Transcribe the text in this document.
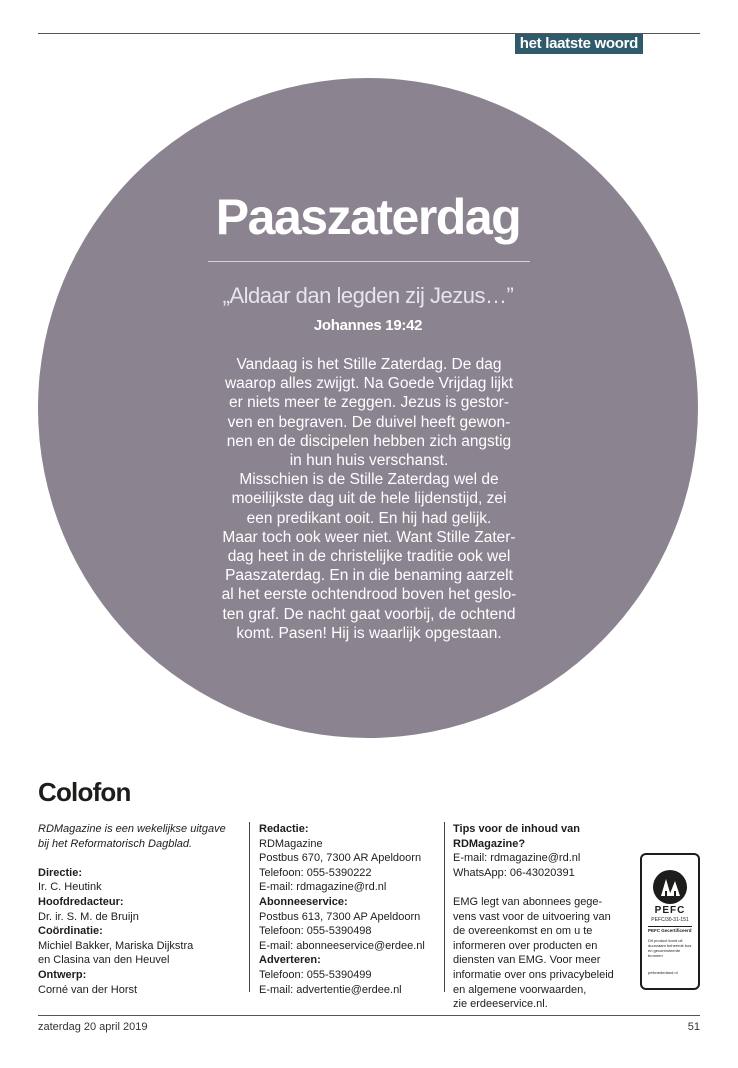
het laatste woord
Paaszaterdag
„Aldaar dan legden zij Jezus…”
Johannes 19:42

Vandaag is het Stille Zaterdag. De dag

waarop alles zwijgt. Na Goede Vrijdag lijkt

er niets meer te zeggen. Jezus is gestor-

ven en begraven. De duivel heeft gewon-

nen en de discipelen hebben zich angstig

in hun huis verschanst.

Misschien is de Stille Zaterdag wel de

moeilijkste dag uit de hele lijdenstijd, zei

een predikant ooit. En hij had gelijk.

Maar toch ook weer niet. Want Stille Zater-

dag heet in de christelijke traditie ook wel

Paaszaterdag. En in die benaming aarzelt

al het eerste ochtendrood boven het geslo-

ten graf. De nacht gaat voorbij, de ochtend

komt. Pasen! Hij is waarlijk opgestaan.

Colofon
RDMagazine is een wekelijkse uitgave
bij het Reformatorisch Dagblad.
Directie:
Ir. C. Heutink
Hoofdredacteur:
Dr. ir. S. M. de Bruijn
Coördinatie:
Michiel Bakker, Mariska Dijkstra
en Clasina van den Heuvel
Ontwerp:
Corné van der Horst
Redactie:
RDMagazine
Postbus 670, 7300 AR Apeldoorn
Telefoon: 055-5390222
E-mail: rdmagazine@rd.nl
Abonneeservice:
Postbus 613, 7300 AP Apeldoorn
Telefoon: 055-5390498
E-mail: abonneeservice@erdee.nl
Adverteren:
Telefoon: 055-5390499
E-mail: advertentie@erdee.nl
Tips voor de inhoud van RDMagazine?
E-mail: rdmagazine@rd.nl
WhatsApp: 06-43020391
EMG legt van abonnees gege-
vens vast voor de uitvoering van
de overeenkomst en om u te
informeren over producten en
diensten van EMG. Voor meer
informatie over ons privacybeleid
en algemene voorwaarden,
zie erdeeservice.nl.
PEFC
PEFC/30-31-151
PEFC Gecertificeerd
Dit product komt uit duurzaam beheerde bos en gecontroleerde bronnen
pefcnederland.nl
zaterdag 20 april 2019	51
